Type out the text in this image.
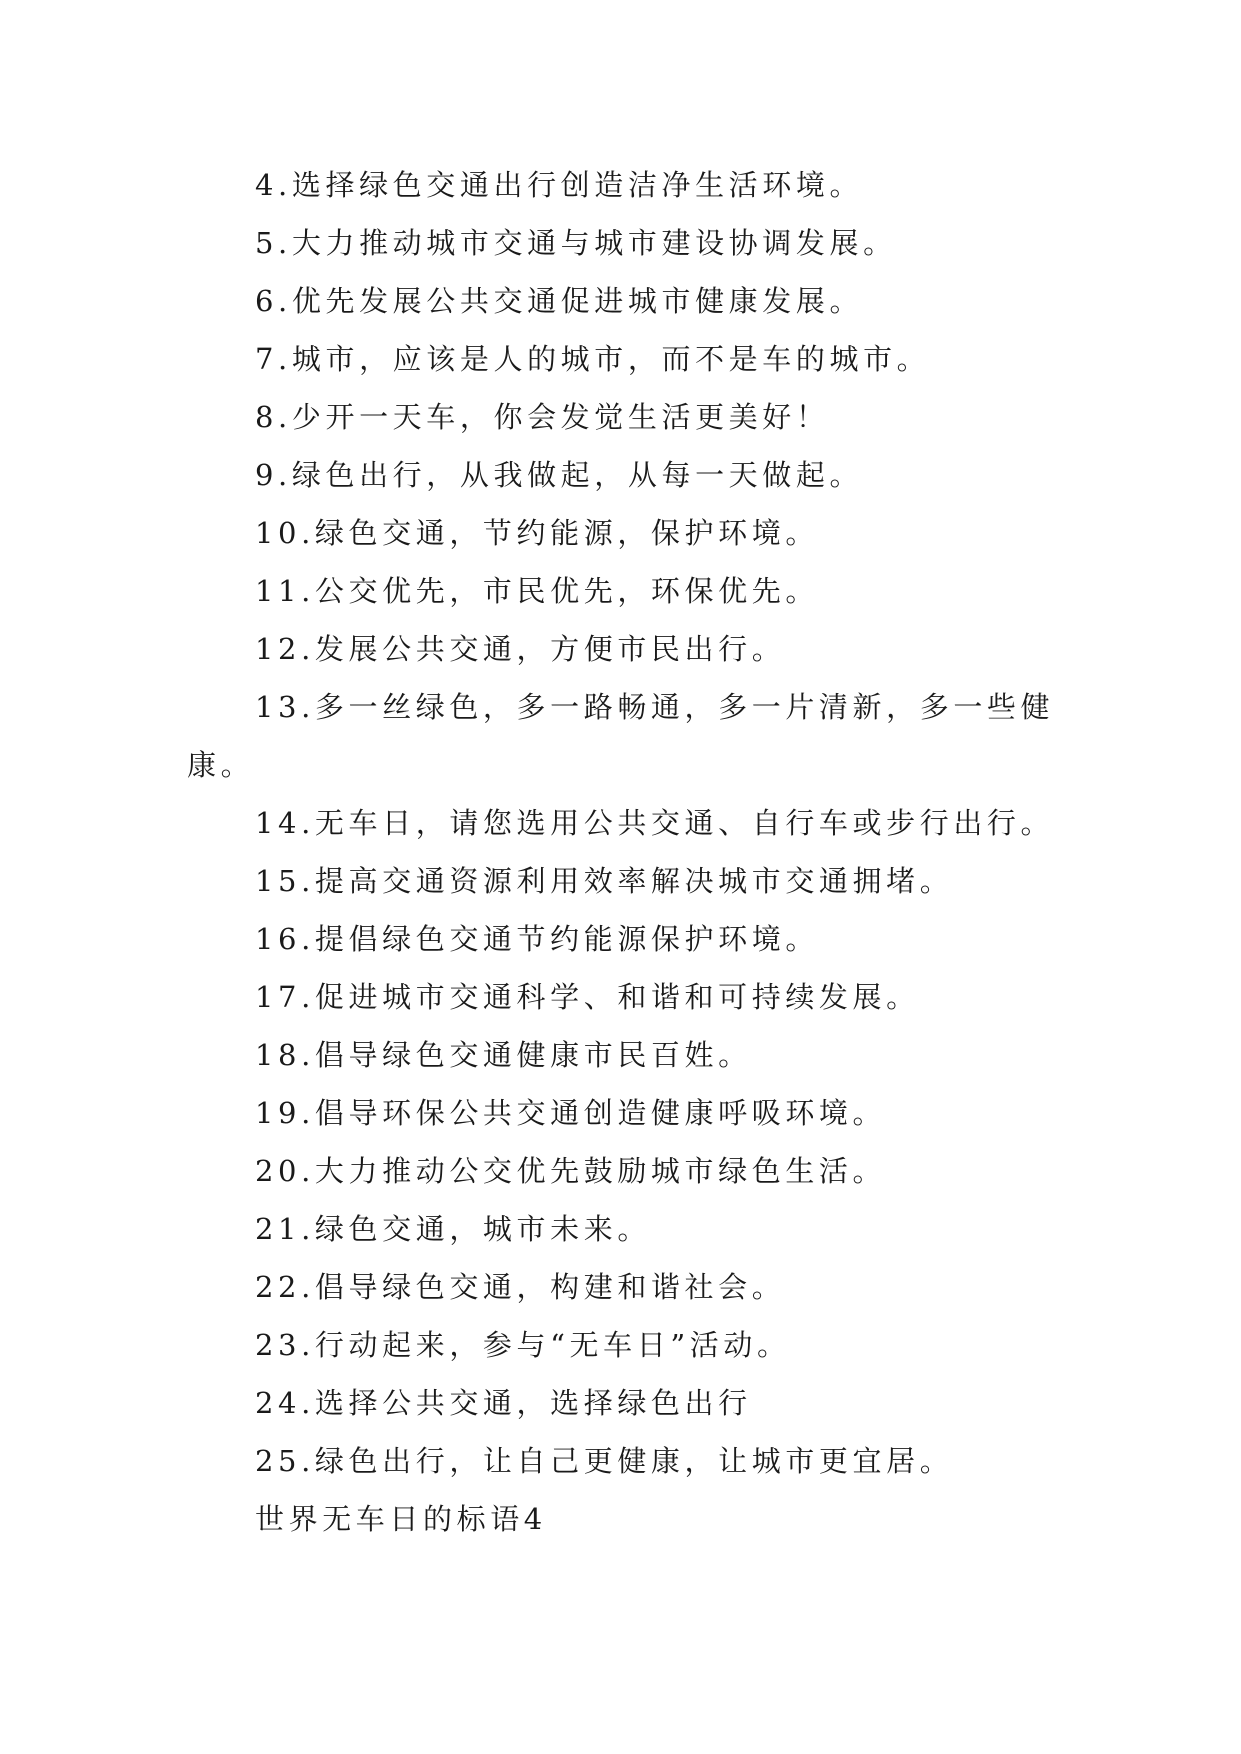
4.选择绿色交通出行创造洁净生活环境。
5.大力推动城市交通与城市建设协调发展。
6.优先发展公共交通促进城市健康发展。
7.城市，应该是人的城市，而不是车的城市。
8.少开一天车，你会发觉生活更美好！
9.绿色出行，从我做起，从每一天做起。
10.绿色交通，节约能源，保护环境。
11.公交优先，市民优先，环保优先。
12.发展公共交通，方便市民出行。
13.多一丝绿色，多一路畅通，多一片清新，多一些健
康。
14.无车日，请您选用公共交通、自行车或步行出行。
15.提高交通资源利用效率解决城市交通拥堵。
16.提倡绿色交通节约能源保护环境。
17.促进城市交通科学、和谐和可持续发展。
18.倡导绿色交通健康市民百姓。
19.倡导环保公共交通创造健康呼吸环境。
20.大力推动公交优先鼓励城市绿色生活。
21.绿色交通，城市未来。
22.倡导绿色交通，构建和谐社会。
23.行动起来，参与“无车日”活动。
24.选择公共交通，选择绿色出行
25.绿色出行，让自己更健康，让城市更宜居。
世界无车日的标语4
